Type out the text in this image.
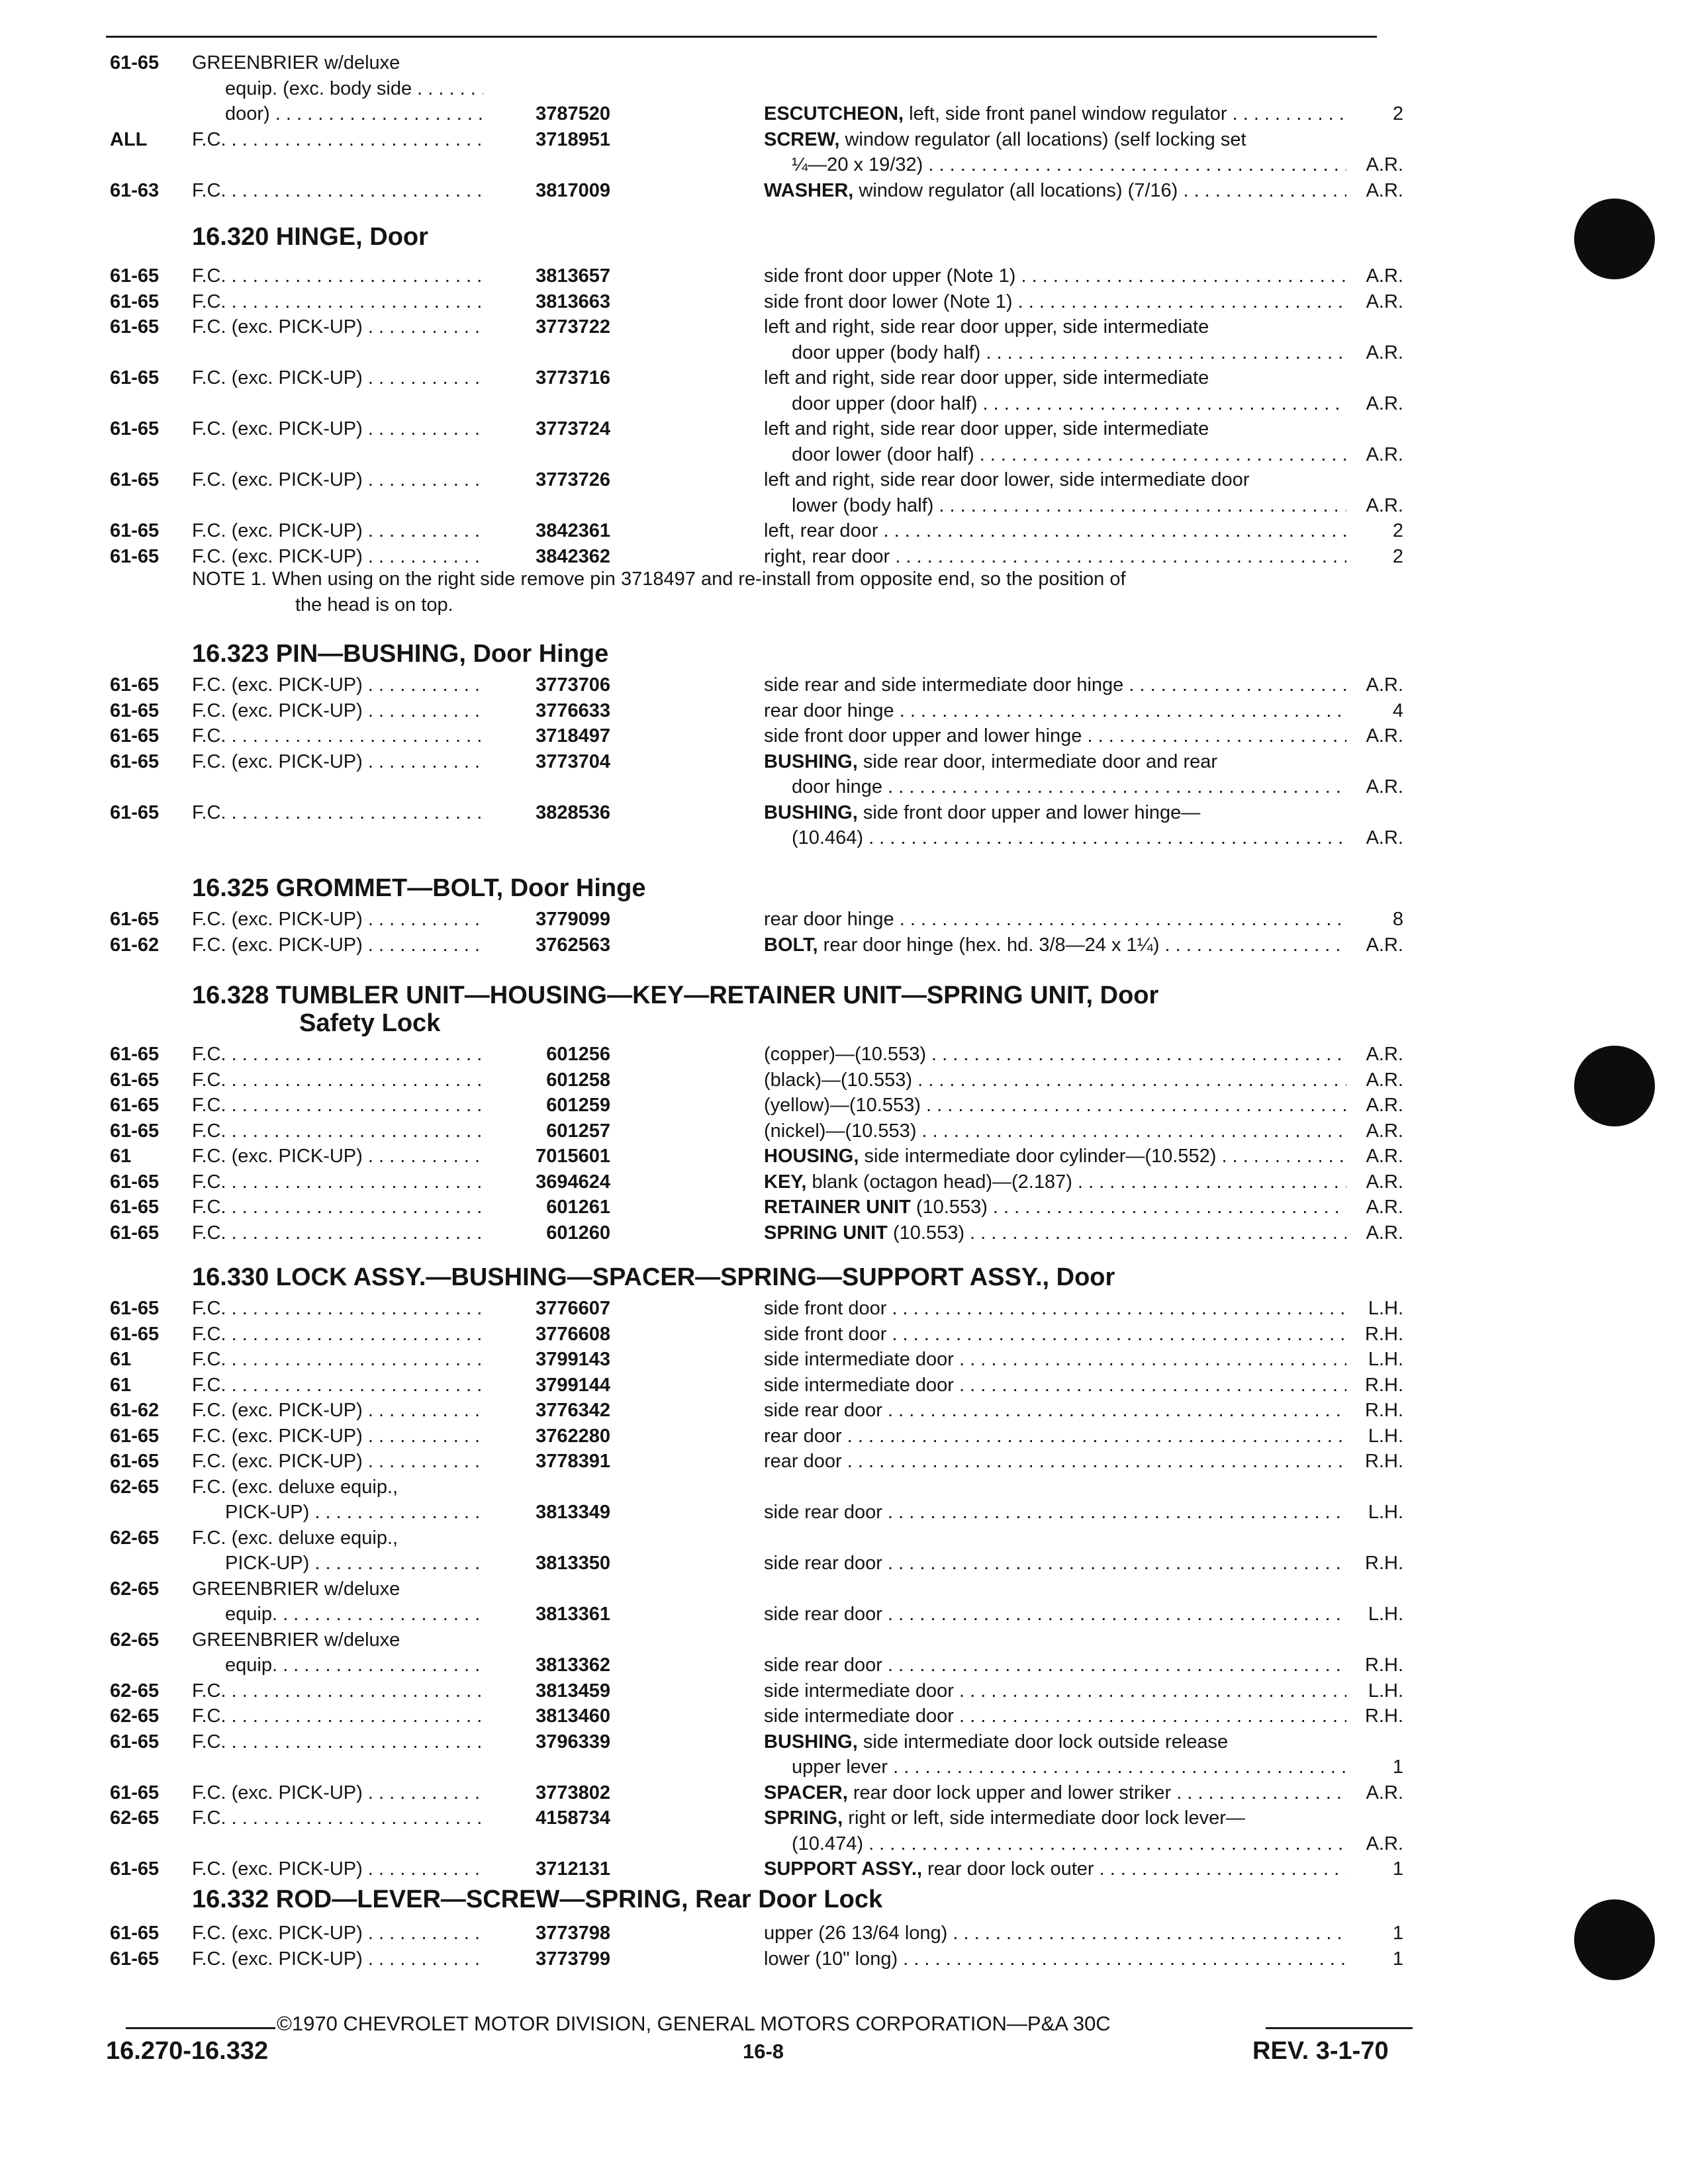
61-65 GREENBRIER w/deluxe
equip. (exc. body side . . .
door) . . .	3787520	ESCUTCHEON, left, side front panel window regulator . . .	2
ALL F.C. . . .	3718951	SCREW, window regulator (all locations) (self locking set
¼—20 x 19/32) . . .	A.R.
61-63 F.C. . . .	3817009	WASHER, window regulator (all locations) (7/16) . . .	A.R.
16.320 HINGE, Door
61-65 F.C. . . .	3813657	side front door upper (Note 1) . . .	A.R.
61-65 F.C. . . .	3813663	side front door lower (Note 1) . . .	A.R.
61-65 F.C. (exc. PICK-UP) . . .	3773722	left and right, side rear door upper, side intermediate
door upper (body half) . . .	A.R.
61-65 F.C. (exc. PICK-UP) . . .	3773716	left and right, side rear door upper, side intermediate
door upper (door half) . . .	A.R.
61-65 F.C. (exc. PICK-UP) . . .	3773724	left and right, side rear door upper, side intermediate
door lower (door half) . . .	A.R.
61-65 F.C. (exc. PICK-UP) . . .	3773726	left and right, side rear door lower, side intermediate door
lower (body half) . . .	A.R.
61-65 F.C. (exc. PICK-UP) . . .	3842361	left, rear door . . .	2
61-65 F.C. (exc. PICK-UP) . . .	3842362	right, rear door . . .	2
NOTE 1. When using on the right side remove pin 3718497 and re-install from opposite end, so the position of
the head is on top.
16.323 PIN—BUSHING, Door Hinge
61-65 F.C. (exc. PICK-UP) . . .	3773706	side rear and side intermediate door hinge . . .	A.R.
61-65 F.C. (exc. PICK-UP) . . .	3776633	rear door hinge . . .	4
61-65 F.C. . . .	3718497	side front door upper and lower hinge . . .	A.R.
61-65 F.C. (exc. PICK-UP) . . .	3773704	BUSHING, side rear door, intermediate door and rear
door hinge . . .	A.R.
61-65 F.C. . . .	3828536	BUSHING, side front door upper and lower hinge—
(10.464) . . .	A.R.
16.325 GROMMET—BOLT, Door Hinge
61-65 F.C. (exc. PICK-UP) . . .	3779099	rear door hinge . . .	8
61-62 F.C. (exc. PICK-UP) . . .	3762563	BOLT, rear door hinge (hex. hd. 3/8—24 x 1¼) . . .	A.R.
16.328 TUMBLER UNIT—HOUSING—KEY—RETAINER UNIT—SPRING UNIT, Door
Safety Lock
61-65 F.C. . . .	601256	(copper)—(10.553) . . .	A.R.
61-65 F.C. . . .	601258	(black)—(10.553) . . .	A.R.
61-65 F.C. . . .	601259	(yellow)—(10.553) . . .	A.R.
61-65 F.C. . . .	601257	(nickel)—(10.553) . . .	A.R.
61	F.C. (exc. PICK-UP) . . .	7015601	HOUSING, side intermediate door cylinder—(10.552) . . .	A.R.
61-65 F.C. . . .	3694624	KEY, blank (octagon head)—(2.187) . . .	A.R.
61-65 F.C. . . .	601261	RETAINER UNIT (10.553) . . .	A.R.
61-65 F.C. . . .	601260	SPRING UNIT (10.553) . . .	A.R.
16.330 LOCK ASSY.—BUSHING—SPACER—SPRING—SUPPORT ASSY., Door
61-65 F.C. . . .	3776607	side front door . . .	L.H.
61-65 F.C. . . .	3776608	side front door . . .	R.H.
61	F.C. . . .	3799143	side intermediate door . . .	L.H.
61	F.C. . . .	3799144	side intermediate door . . .	R.H.
61-62 F.C. (exc. PICK-UP) . . .	3776342	side rear door . . .	R.H.
61-65 F.C. (exc. PICK-UP) . . .	3762280	rear door . . .	L.H.
61-65 F.C. (exc. PICK-UP) . . .	3778391	rear door . . .	R.H.
62-65 F.C. (exc. deluxe equip.,
PICK-UP) . . .	3813349	side rear door . . .	L.H.
62-65 F.C. (exc. deluxe equip.,
PICK-UP) . . .	3813350	side rear door . . .	R.H.
62-65 GREENBRIER w/deluxe
equip. . . .	3813361	side rear door . . .	L.H.
62-65 GREENBRIER w/deluxe
equip. . . .	3813362	side rear door . . .	R.H.
62-65 F.C. . . .	3813459	side intermediate door . . .	L.H.
62-65 F.C. . . .	3813460	side intermediate door . . .	R.H.
61-65 F.C. . . .	3796339	BUSHING, side intermediate door lock outside release
upper lever . . .	1
61-65 F.C. (exc. PICK-UP) . . .	3773802	SPACER, rear door lock upper and lower striker . . .	A.R.
62-65 F.C. . . .	4158734	SPRING, right or left, side intermediate door lock lever—
(10.474) . . .	A.R.
61-65 F.C. (exc. PICK-UP) . . .	3712131	SUPPORT ASSY., rear door lock outer . . .	1
16.332 ROD—LEVER—SCREW—SPRING, Rear Door Lock
61-65 F.C. (exc. PICK-UP) . . .	3773798	upper (26 13/64 long) . . .	1
61-65 F.C. (exc. PICK-UP) . . .	3773799	lower (10" long) . . .	1
©1970 CHEVROLET MOTOR DIVISION, GENERAL MOTORS CORPORATION—P&A 30C
16.270-16.332	16-8	REV. 3-1-70
